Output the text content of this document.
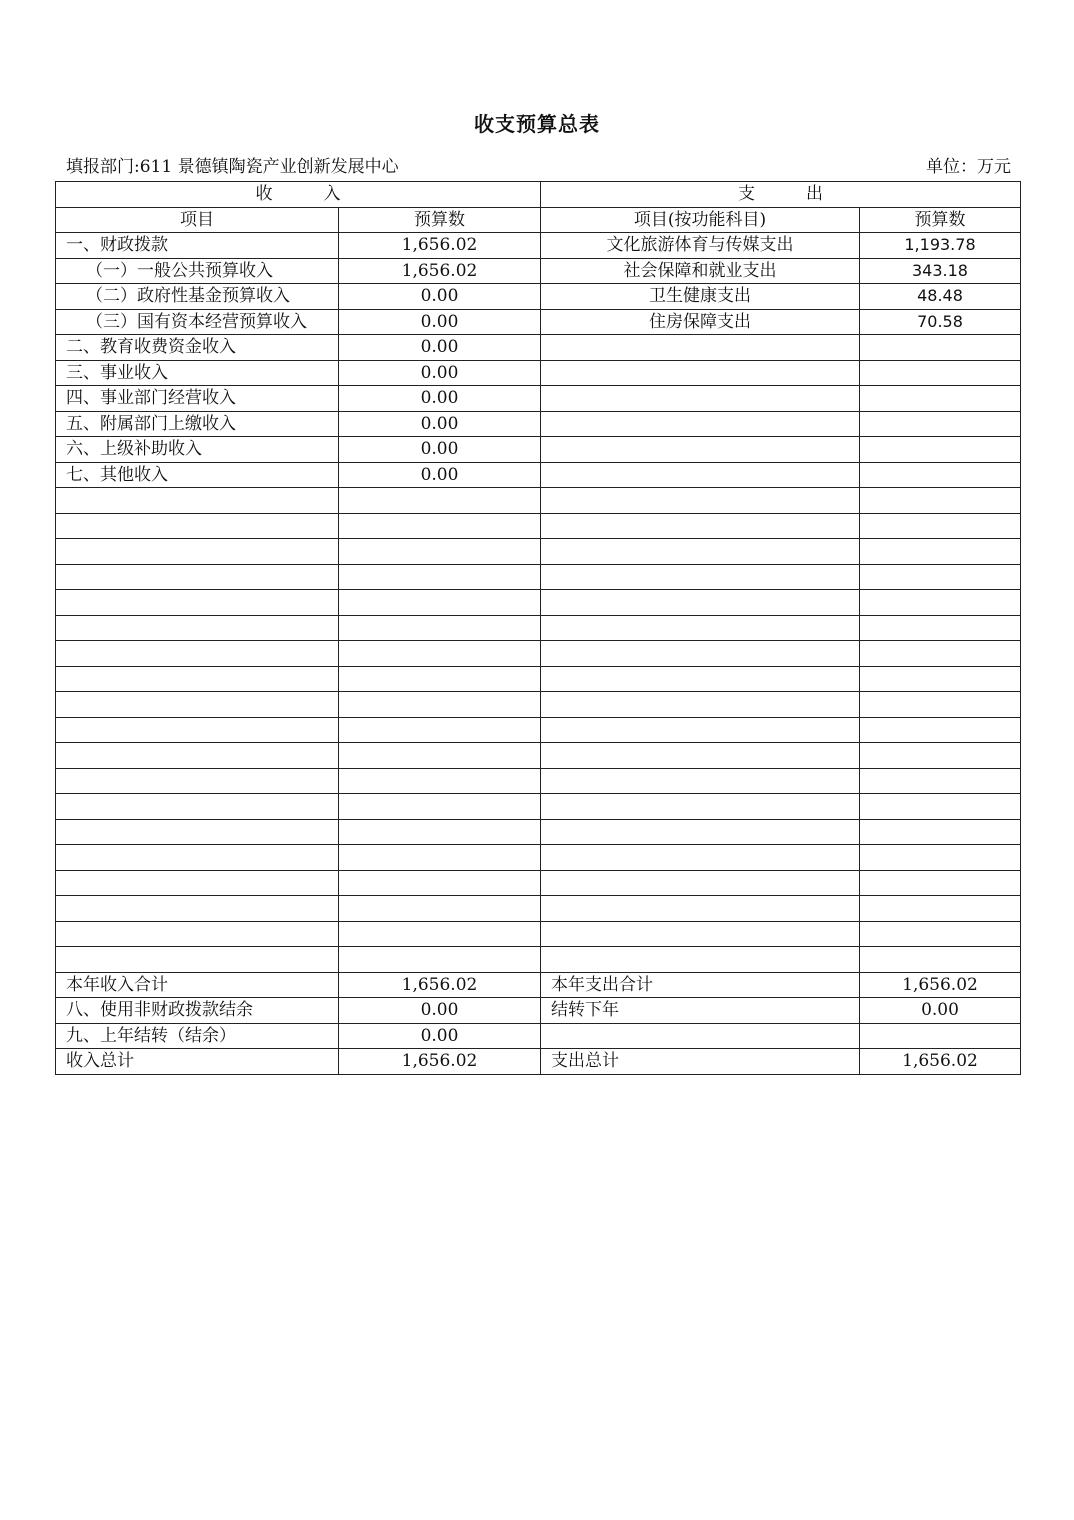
收支预算总表
填报部门:611 景德镇陶瓷产业创新发展中心	单位：万元
收　　　入		支　　　出	
项目	预算数	项目(按功能科目)	预算数
一、财政拨款	1,656.02	文化旅游体育与传媒支出	1,193.78
（一）一般公共预算收入	1,656.02	社会保障和就业支出	343.18
（二）政府性基金预算收入	0.00	卫生健康支出	48.48
（三）国有资本经营预算收入	0.00	住房保障支出	70.58
二、教育收费资金收入	0.00		
三、事业收入	0.00		
四、事业部门经营收入	0.00		
五、附属部门上缴收入	0.00		
六、上级补助收入	0.00		
七、其他收入	0.00		

本年收入合计	1,656.02	本年支出合计	1,656.02
八、使用非财政拨款结余	0.00	结转下年	0.00
九、上年结转（结余）	0.00		
收入总计	1,656.02	支出总计	1,656.02
